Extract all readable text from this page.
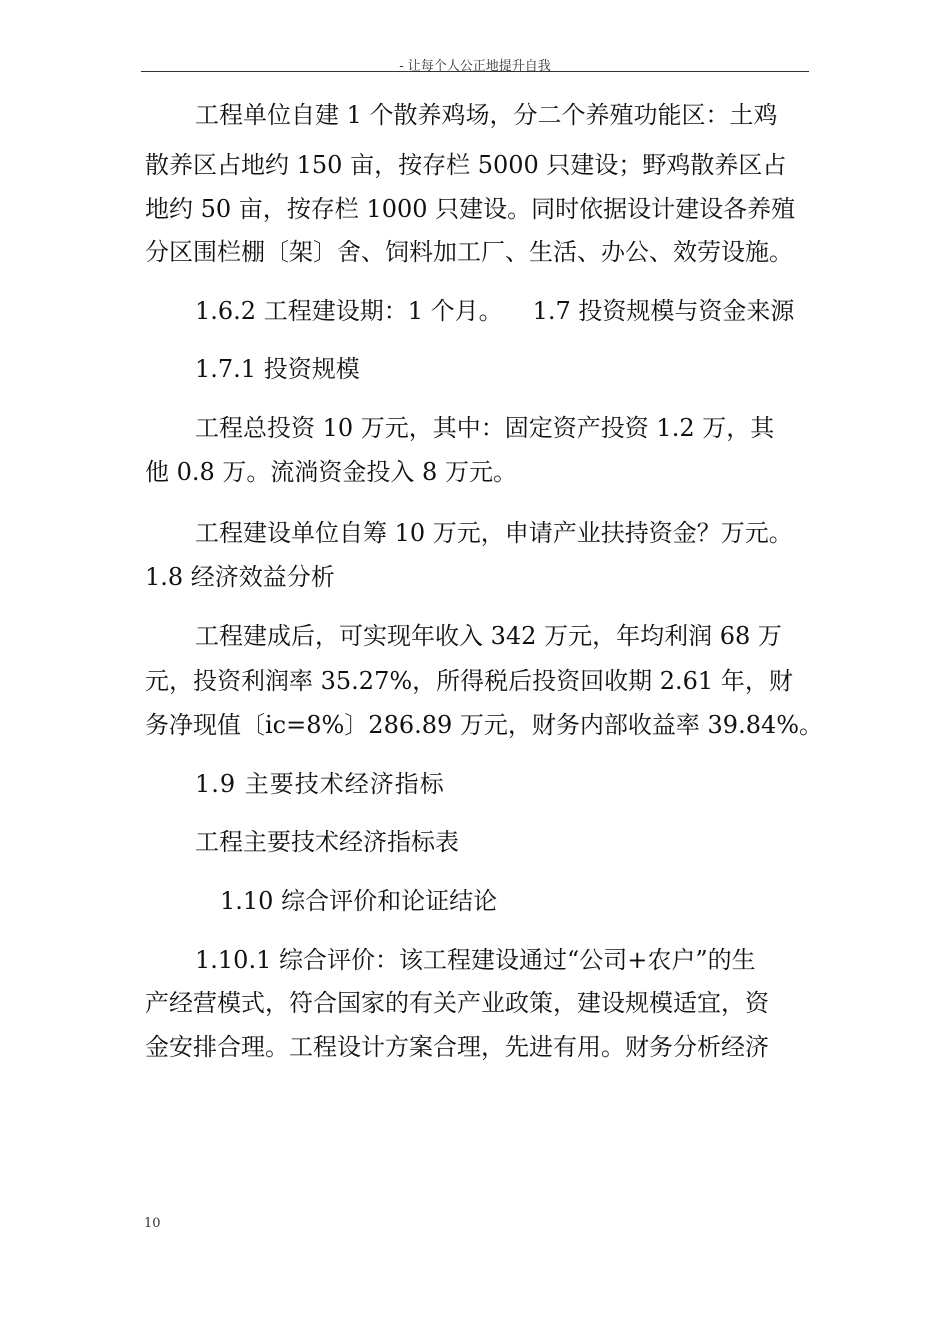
- 让每个人公正地提升自我
工程单位自建 1 个散养鸡场，分二个养殖功能区：土鸡
散养区占地约 150 亩，按存栏 5000 只建设；野鸡散养区占
地约 50 亩，按存栏 1000 只建设。同时依据设计建设各养殖
分区围栏棚〔架〕舍、饲料加工厂、生活、办公、效劳设施。
1.6.2 工程建设期：1 个月。 1.7 投资规模与资金来源
1.7.1 投资规模
工程总投资 10 万元，其中：固定资产投资 1.2 万，其
他 0.8 万。流淌资金投入 8 万元。
工程建设单位自筹 10 万元，申请产业扶持资金？万元。
1.8 经济效益分析
工程建成后，可实现年收入 342 万元，年均利润 68 万
元，投资利润率 35.27%，所得税后投资回收期 2.61 年，财
务净现值〔ic=8%〕286.89 万元，财务内部收益率 39.84%。
1.9 主要技术经济指标
工程主要技术经济指标表
1.10 综合评价和论证结论
1.10.1 综合评价：该工程建设通过“公司+农户”的生
产经营模式，符合国家的有关产业政策，建设规模适宜，资
金安排合理。工程设计方案合理，先进有用。财务分析经济
10
